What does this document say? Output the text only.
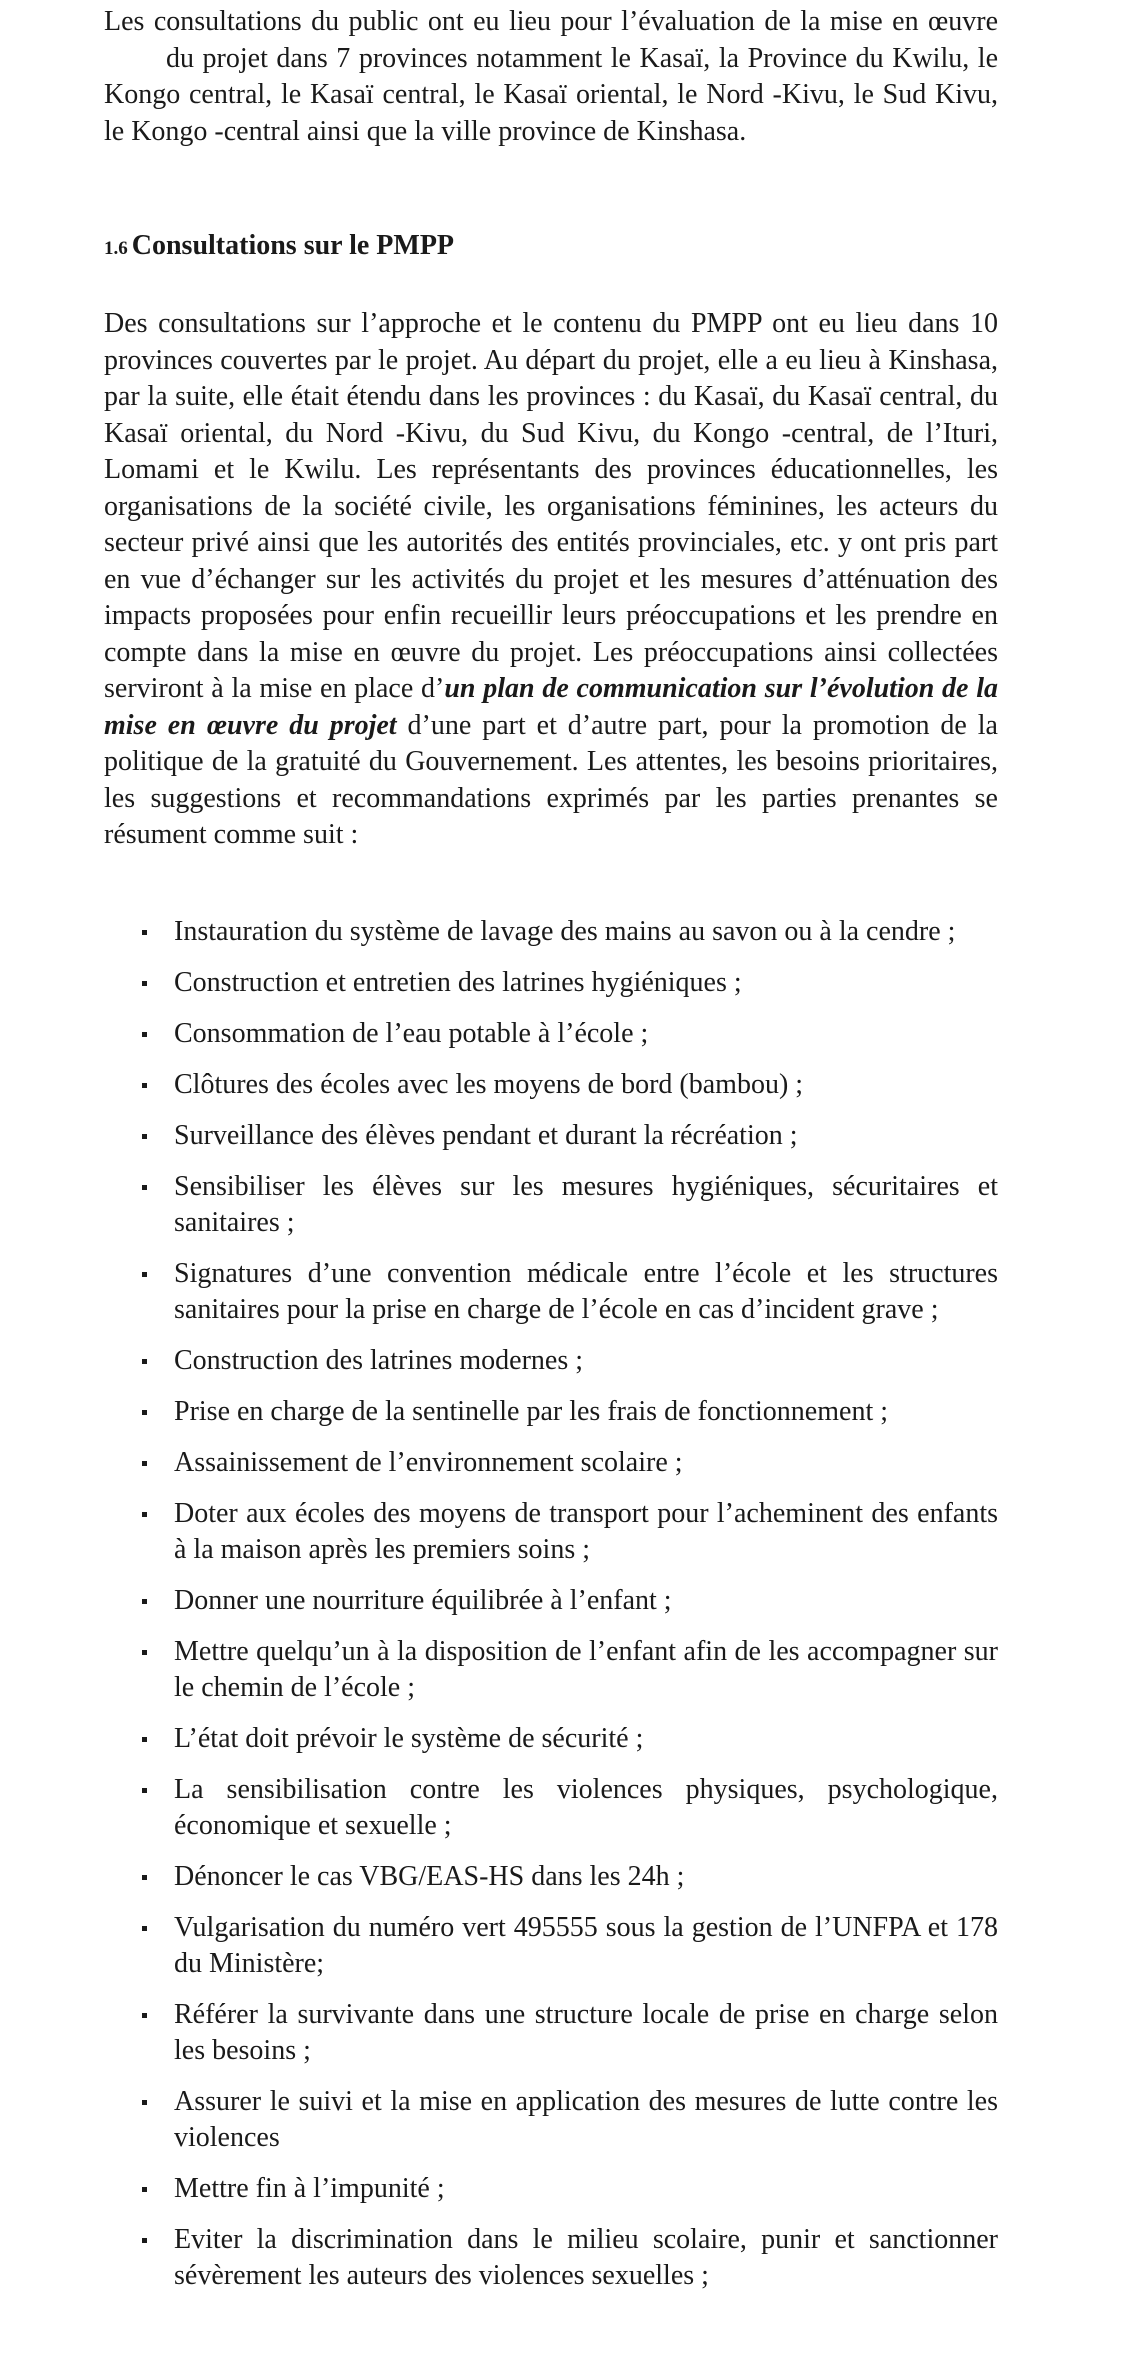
Les consultations du public ont eu lieu pour l’évaluation de la mise en œuvredu projet dans 7 provinces notamment le Kasaï, la Province du Kwilu, le Kongo central, le Kasaï central, le Kasaï oriental, le Nord -Kivu, le Sud Kivu, le Kongo -central ainsi que la ville province de Kinshasa.

1.6 Consultations sur le PMPP

Des consultations sur l’approche et le contenu du PMPP ont eu lieu dans 10 provinces couvertes par le projet. Au départ du projet, elle a eu lieu à Kinshasa, par la suite, elle était étendu dans les provinces : du Kasaï, du Kasaï central, du Kasaï oriental, du Nord -Kivu, du Sud Kivu, du Kongo -central, de l’Ituri, Lomami et le Kwilu. Les représentants des provinces éducationnelles, les organisations de la société civile, les organisations féminines, les acteurs du secteur privé ainsi que les autorités des entités provinciales, etc. y ont pris part en vue d’échanger sur les activités du projet et les mesures d’atténuation des impacts proposées pour enfin recueillir leurs préoccupations et les prendre en compte dans la mise en œuvre du projet. Les préoccupations ainsi collectées serviront à la mise en place d’un plan de communication sur l’évolution de la mise en œuvre du projet d’une part et d’autre part, pour la promotion de la politique de la gratuité du Gouvernement. Les attentes, les besoins prioritaires, les suggestions et recommandations exprimés par les parties prenantes se résument comme suit :

Instauration du système de lavage des mains au savon ou à la cendre ;
Construction et entretien des latrines hygiéniques ;
Consommation de l’eau potable à l’école ;
Clôtures des écoles avec les moyens de bord (bambou) ;
Surveillance des élèves pendant et durant la récréation ;
Sensibiliser les élèves sur les mesures hygiéniques, sécuritaires et sanitaires ;
Signatures d’une convention médicale entre l’école et les structures sanitaires pour la prise en charge de l’école en cas d’incident grave ;
Construction des latrines modernes ;
Prise en charge de la sentinelle par les frais de fonctionnement ;
Assainissement de l’environnement scolaire ;
Doter aux écoles des moyens de transport pour l’acheminent des enfants à la maison après les premiers soins ;
Donner une nourriture équilibrée à l’enfant ;
Mettre quelqu’un à la disposition de l’enfant afin de les accompagner sur le chemin de l’école ;
L’état doit prévoir le système de sécurité ;
La sensibilisation contre les violences physiques, psychologique, économique et sexuelle ;
Dénoncer le cas VBG/EAS-HS dans les 24h ;
Vulgarisation du numéro vert 495555 sous la gestion de l’UNFPA et 178 du Ministère;
Référer la survivante dans une structure locale de prise en charge selon les besoins ;
Assurer le suivi et la mise en application des mesures de lutte contre les violences
Mettre fin à l’impunité ;
Eviter la discrimination dans le milieu scolaire, punir et sanctionner sévèrement les auteurs des violences sexuelles ;
